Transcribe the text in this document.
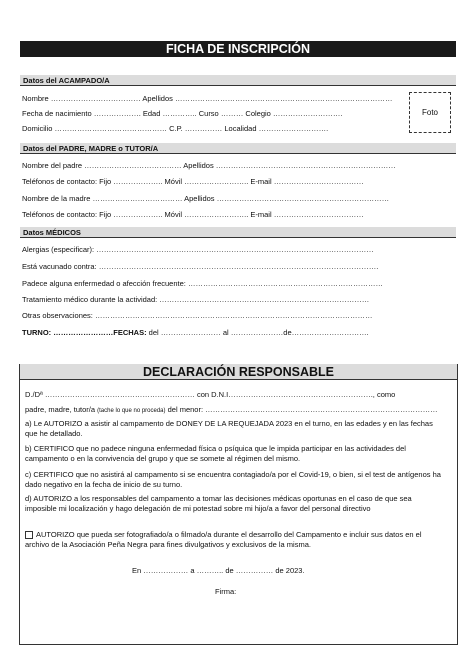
FICHA DE INSCRIPCIÓN
Datos del ACAMPADO/A
Nombre ……………………………… Apellidos ……………………………………………………………………………
Fecha de nacimiento ………………. Edad ………….. Curso ……… Colegio ……………………….
Domicilio ……………………………………… C.P. …………… Localidad ……………………….
Foto
Datos del PADRE, MADRE o TUTOR/A
Nombre del padre ………………………………… Apellidos ………………………………………………………………
Teléfonos de contacto: Fijo ……………….. Móvil …………………….. E-mail ………………………………
Nombre de la madre ……………………………… Apellidos ……………………………………………………………
Teléfonos de contacto: Fijo ……………….. Móvil …………………….. E-mail ………………………………
Datos MÉDICOS
Alergias (especificar): …………………………………………………………………………………………………
Está vacunado contra: ………………………………………………………………………………………………….
Padece alguna enfermedad o afección frecuente: ……………………………………………………………………
Tratamiento médico durante la actividad: …………………………………………………………………………
Otras observaciones: …………………………………………………………………………………………………
TURNO: ……………………FECHAS: del …………………… al …………………de………………………….
DECLARACIÓN RESPONSABLE
D./Dª …………………………………………………… con D.N.I…………………………………………………., como
padre, madre, tutor/a (tache lo que no proceda) del menor: …………………………………………………………………………………
a) Le AUTORIZO a asistir al campamento de DONEY DE LA REQUEJADA 2023 en el turno, en las edades y en las fechas que he detallado.
b) CERTIFICO que no padece ninguna enfermedad física o psíquica que le impida participar en las actividades del campamento o en la convivencia del grupo y que se somete al régimen del mismo.
c) CERTIFICO que no asistirá al campamento si se encuentra contagiado/a por el Covid-19, o bien, si el test de antígenos ha dado negativo en la fecha de inicio de su turno.
d) AUTORIZO a los responsables del campamento a tomar las decisiones médicas oportunas en el caso de que sea imposible mi localización y hago delegación de mi potestad sobre mi hijo/a a favor del personal directivo
AUTORIZO que pueda ser fotografiado/a o filmado/a durante el desarrollo del Campamento e incluir sus datos en el archivo de la Asociación Peña Negra para fines divulgativos y exclusivos de la misma.
En ……………… a ……….. de …………… de 2023.
Firma:
